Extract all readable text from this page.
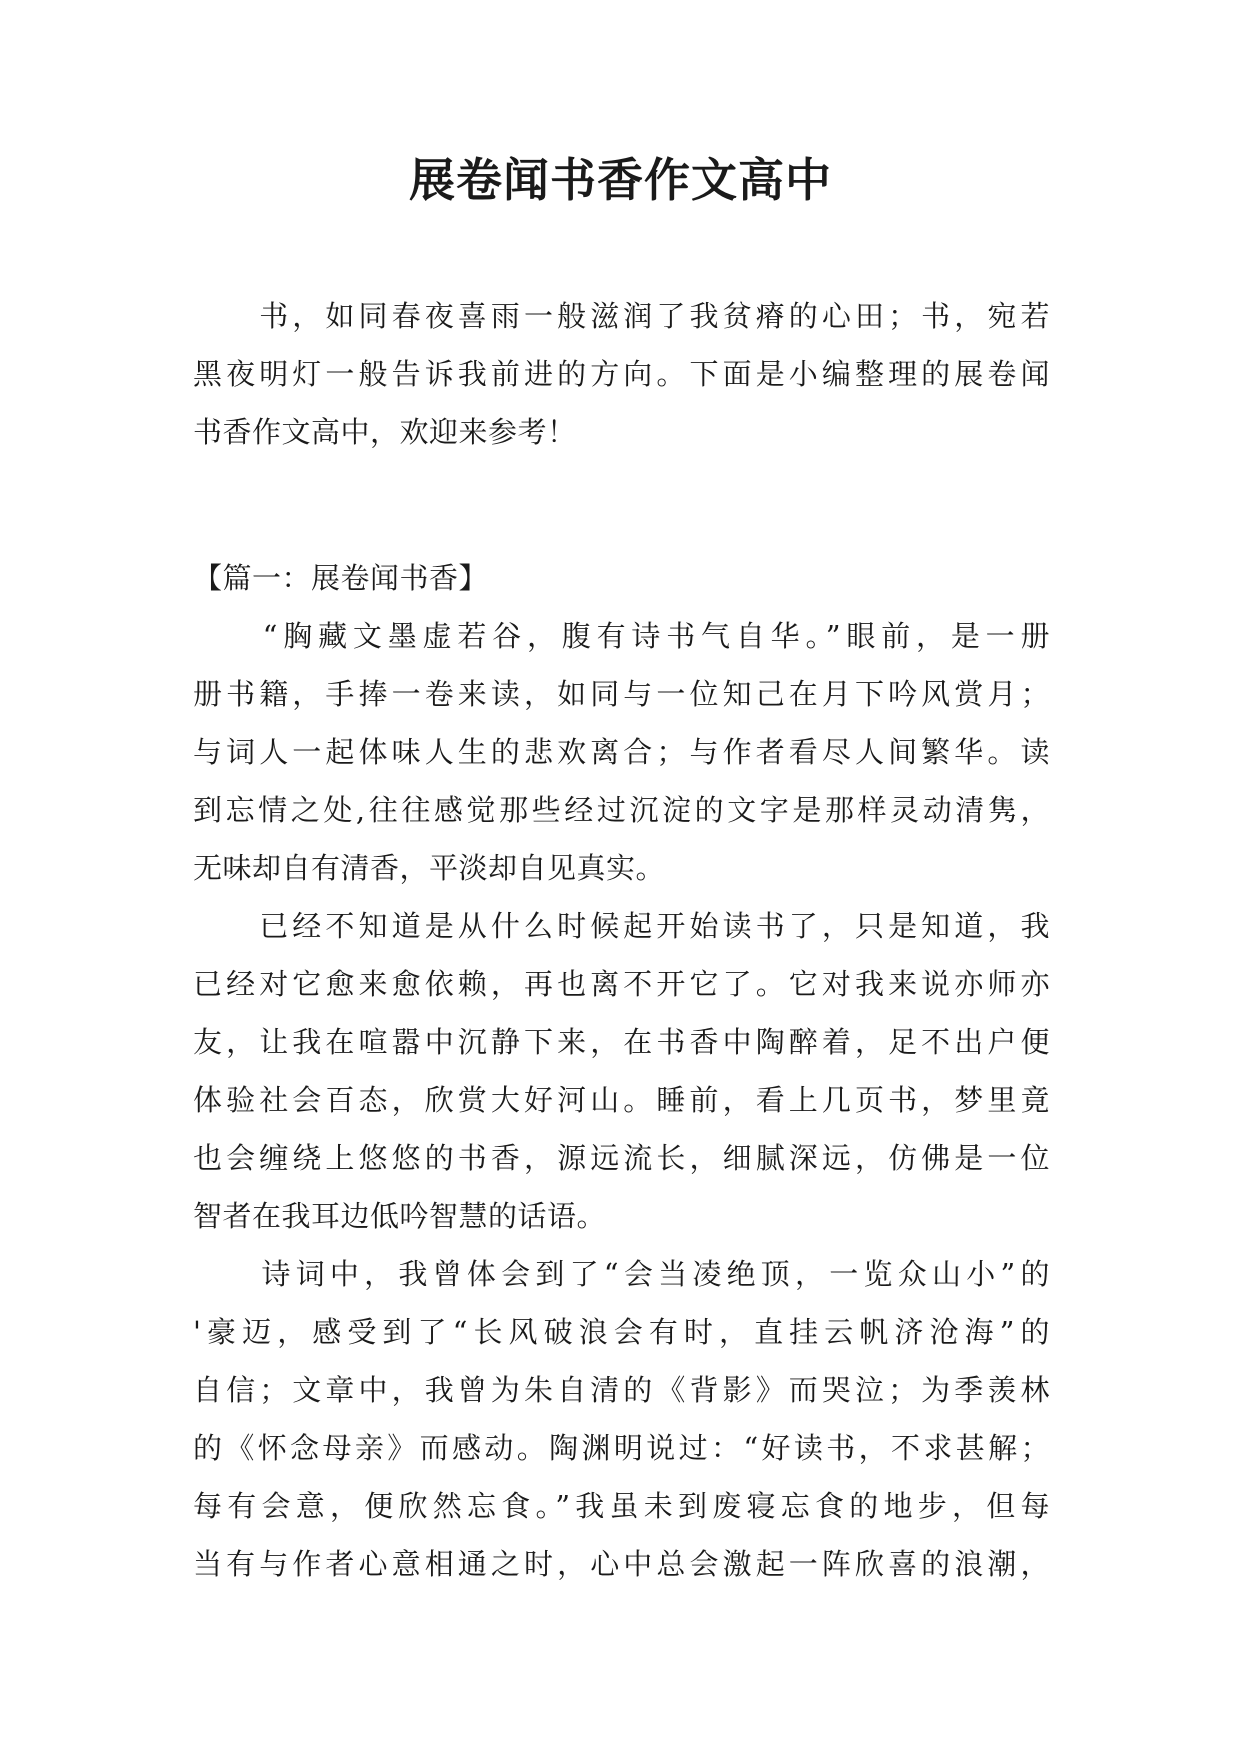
展卷闻书香作文高中
　　书，如同春夜喜雨一般滋润了我贫瘠的心田；书，宛若
黑夜明灯一般告诉我前进的方向。下面是小编整理的展卷闻
书香作文高中，欢迎来参考！
【篇一：展卷闻书香】
　　“胸藏文墨虚若谷，腹有诗书气自华。”眼前，是一册
册书籍，手捧一卷来读，如同与一位知己在月下吟风赏月；
与词人一起体味人生的悲欢离合；与作者看尽人间繁华。读
到忘情之处,往往感觉那些经过沉淀的文字是那样灵动清隽，
无味却自有清香，平淡却自见真实。
　　已经不知道是从什么时候起开始读书了，只是知道，我
已经对它愈来愈依赖，再也离不开它了。它对我来说亦师亦
友，让我在喧嚣中沉静下来，在书香中陶醉着，足不出户便
体验社会百态，欣赏大好河山。睡前，看上几页书，梦里竟
也会缠绕上悠悠的书香，源远流长，细腻深远，仿佛是一位
智者在我耳边低吟智慧的话语。
　　诗词中，我曾体会到了“会当凌绝顶，一览众山小”的
'豪迈，感受到了“长风破浪会有时，直挂云帆济沧海”的
自信；文章中，我曾为朱自清的《背影》而哭泣；为季羡林
的《怀念母亲》而感动。陶渊明说过：“好读书，不求甚解；
每有会意，便欣然忘食。”我虽未到废寝忘食的地步，但每
当有与作者心意相通之时，心中总会激起一阵欣喜的浪潮，
